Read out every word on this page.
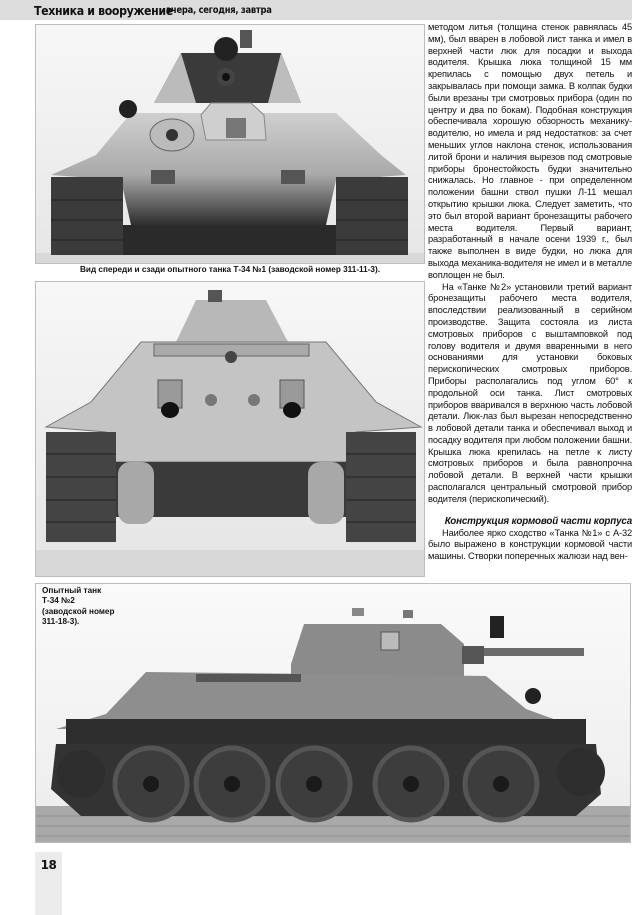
Техника и вооружение
вчера, сегодня, завтра
Вид спереди и сзади опытного танка Т-34 №1 (заводской номер 311-11-3).

методом литья (толщина стенок равнялась 45 мм), был вварен в лобовой лист танка и имел в верхней части люк для посадки и выхода водителя. Крышка люка толщиной 15 мм крепилась с помощью двух петель и закрывалась при помощи замка. В колпак будки были врезаны три смотровых прибора (один по центру и два по бокам). Подобная конструкция обеспечивала хорошую обзорность механику-водителю, но имела и ряд недостатков: за счет меньших углов наклона стенок, использования литой брони и наличия вырезов под смотровые приборы бронестойкость будки значительно снижалась. Но главное - при определенном положении башни ствол пушки Л-11 мешал открытию крышки люка. Следует заметить, что это был второй вариант бронезащиты рабочего места водителя. Первый вариант, разработанный в начале осени 1939 г., был также выполнен в виде будки, но люка для выхода механика-водителя не имел и в металле воплощен не был.

На «Танке №2» установили третий вариант бронезащиты рабочего места водителя, впоследствии реализованный в серийном производстве. Защита состояла из листа смотровых приборов с выштамповкой под голову водителя и двумя вваренными в него основаниями для установки боковых перископических смотровых приборов. Приборы располагались под углом 60° к продольной оси танка. Лист смотровых приборов вваривался в верхнюю часть лобовой детали. Люк-лаз был вырезан непосредственно в лобовой детали танка и обеспечивал выход и посадку водителя при любом положении башни. Крышка люка крепилась на петле к листу смотровых приборов и была равнопрочна лобовой детали. В верхней части крышки располагался центральный смотровой прибор водителя (перископический).

Конструкция кормовой части корпуса

Наиболее ярко сходство «Танка №1» с А-32 было выражено в конструкции кормовой части машины. Створки поперечных жалюзи над вен-

Опытный танк
Т-34 №2
(заводской номер
311-18-3).
18
